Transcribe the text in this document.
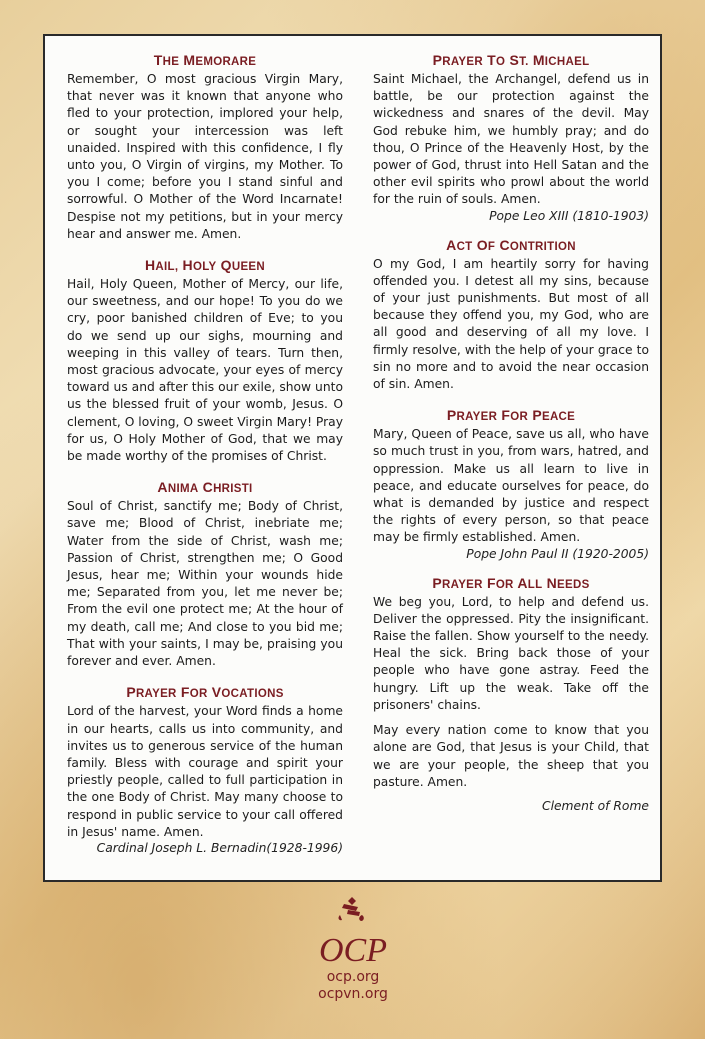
THE MEMORARE

Remember, O most gracious Virgin Mary, that never was it known that anyone who fled to your protection, implored your help, or sought your intercession was left unaided. Inspired with this confidence, I fly unto you, O Virgin of virgins, my Mother. To you I come; before you I stand sinful and sorrowful. O Mother of the Word Incarnate! Despise not my petitions, but in your mercy hear and answer me. Amen.

HAIL, HOLY QUEEN

Hail, Holy Queen, Mother of Mercy, our life, our sweetness, and our hope! To you do we cry, poor banished children of Eve; to you do we send up our sighs, mourning and weeping in this valley of tears. Turn then, most gracious advocate, your eyes of mercy toward us and after this our exile, show unto us the blessed fruit of your womb, Jesus. O clement, O loving, O sweet Virgin Mary! Pray for us, O Holy Mother of God, that we may be made worthy of the promises of Christ.

ANIMA CHRISTI

Soul of Christ, sanctify me; Body of Christ, save me; Blood of Christ, inebriate me; Water from the side of Christ, wash me; Passion of Christ, strengthen me; O Good Jesus, hear me; Within your wounds hide me; Separated from you, let me never be; From the evil one protect me; At the hour of my death, call me; And close to you bid me; That with your saints, I may be, praising you forever and ever. Amen.

PRAYER FOR VOCATIONS

Lord of the harvest, your Word finds a home in our hearts, calls us into community, and invites us to generous service of the human family. Bless with courage and spirit your priestly people, called to full participation in the one Body of Christ. May many choose to respond in public service to your call offered in Jesus' name. Amen.

Cardinal Joseph L. Bernadin(1928-1996)

PRAYER TO ST. MICHAEL

Saint Michael, the Archangel, defend us in battle, be our protection against the wickedness and snares of the devil. May God rebuke him, we humbly pray; and do thou, O Prince of the Heavenly Host, by the power of God, thrust into Hell Satan and the other evil spirits who prowl about the world for the ruin of souls. Amen.

Pope Leo XIII (1810-1903)

ACT OF CONTRITION

O my God, I am heartily sorry for having offended you. I detest all my sins, because of your just punishments. But most of all because they offend you, my God, who are all good and deserving of all my love. I firmly resolve, with the help of your grace to sin no more and to avoid the near occasion of sin. Amen.

PRAYER FOR PEACE

Mary, Queen of Peace, save us all, who have so much trust in you, from wars, hatred, and oppression. Make us all learn to live in peace, and educate ourselves for peace, do what is demanded by justice and respect the rights of every person, so that peace may be firmly established. Amen.

Pope John Paul II (1920-2005)

PRAYER FOR ALL NEEDS

We beg you, Lord, to help and defend us. Deliver the oppressed. Pity the insignificant. Raise the fallen. Show yourself to the needy. Heal the sick. Bring back those of your people who have gone astray. Feed the hungry. Lift up the weak. Take off the prisoners' chains.

May every nation come to know that you alone are God, that Jesus is your Child, that we are your people, the sheep that you pasture. Amen.

Clement of Rome

OCP
ocp.org
ocpvn.org
